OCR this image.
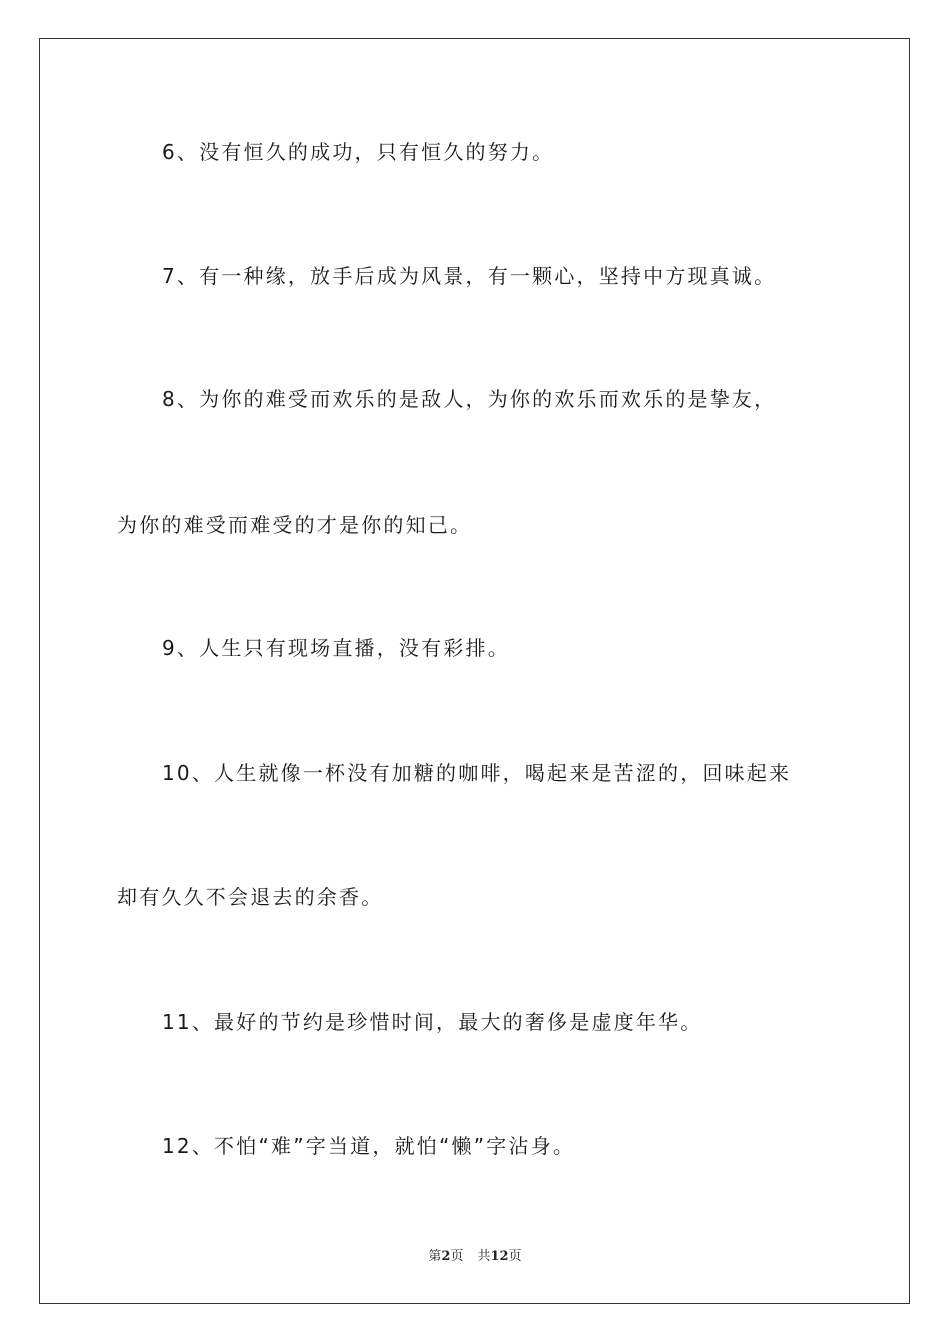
6、没有恒久的成功，只有恒久的努力。

7、有一种缘，放手后成为风景，有一颗心，坚持中方现真诚。

8、为你的难受而欢乐的是敌人，为你的欢乐而欢乐的是挚友，

为你的难受而难受的才是你的知己。

9、人生只有现场直播，没有彩排。

10、人生就像一杯没有加糖的咖啡，喝起来是苦涩的，回味起来

却有久久不会退去的余香。

11、最好的节约是珍惜时间，最大的奢侈是虚度年华。

12、不怕“难”字当道，就怕“懒”字沾身。

第2页 共12页
